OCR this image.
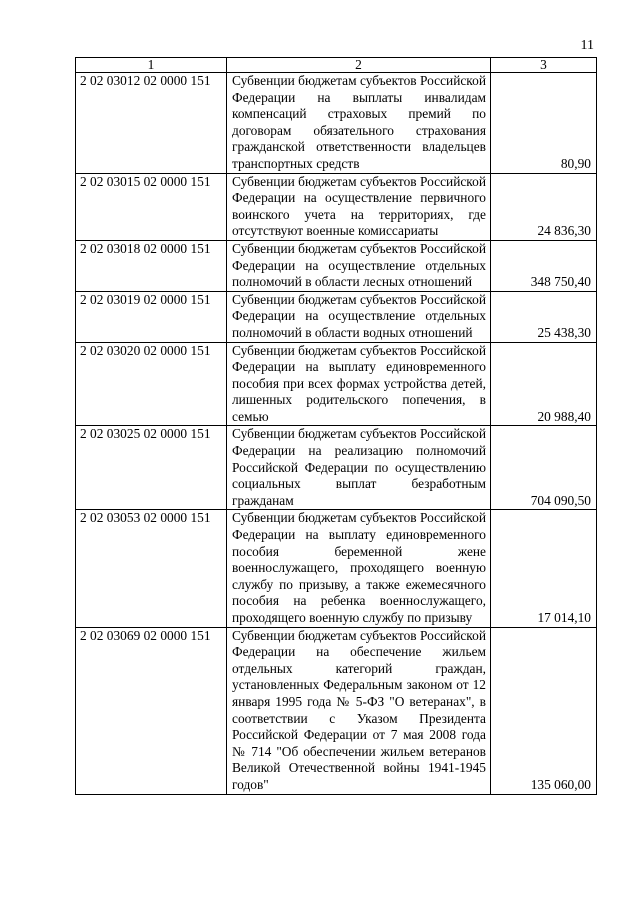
11
1	2	3
2 02 03012 02 0000 151	Субвенции бюджетам субъектов Российской Федерации на выплаты инвалидам компенсаций страховых премий по договорам обязательного страхования гражданской ответственности владельцев транспортных средств	80,90
2 02 03015 02 0000 151	Субвенции бюджетам субъектов Российской Федерации на осуществление первичного воинского учета на территориях, где отсутствуют военные комиссариаты	24 836,30
2 02 03018 02 0000 151	Субвенции бюджетам субъектов Российской Федерации на осуществление отдельных полномочий в области лесных отношений	348 750,40
2 02 03019 02 0000 151	Субвенции бюджетам субъектов Российской Федерации на осуществление отдельных полномочий в области водных отношений	25 438,30
2 02 03020 02 0000 151	Субвенции бюджетам субъектов Российской Федерации на выплату единовременного пособия при всех формах устройства детей, лишенных родительского попечения, в семью	20 988,40
2 02 03025 02 0000 151	Субвенции бюджетам субъектов Российской Федерации на реализацию полномочий Российской Федерации по осуществлению социальных выплат безработным гражданам	704 090,50
2 02 03053 02 0000 151	Субвенции бюджетам субъектов Российской Федерации на выплату единовременного пособия беременной жене военнослужащего, проходящего военную службу по призыву, а также ежемесячного пособия на ребенка военнослужащего, проходящего военную службу по призыву	17 014,10
2 02 03069 02 0000 151	Субвенции бюджетам субъектов Российской Федерации на обеспечение жильем отдельных категорий граждан, установленных Федеральным законом от 12 января 1995 года № 5-ФЗ "О ветеранах", в соответствии с Указом Президента Российской Федерации от 7 мая 2008 года № 714 "Об обеспечении жильем ветеранов Великой Отечественной войны 1941-1945 годов"	135 060,00
